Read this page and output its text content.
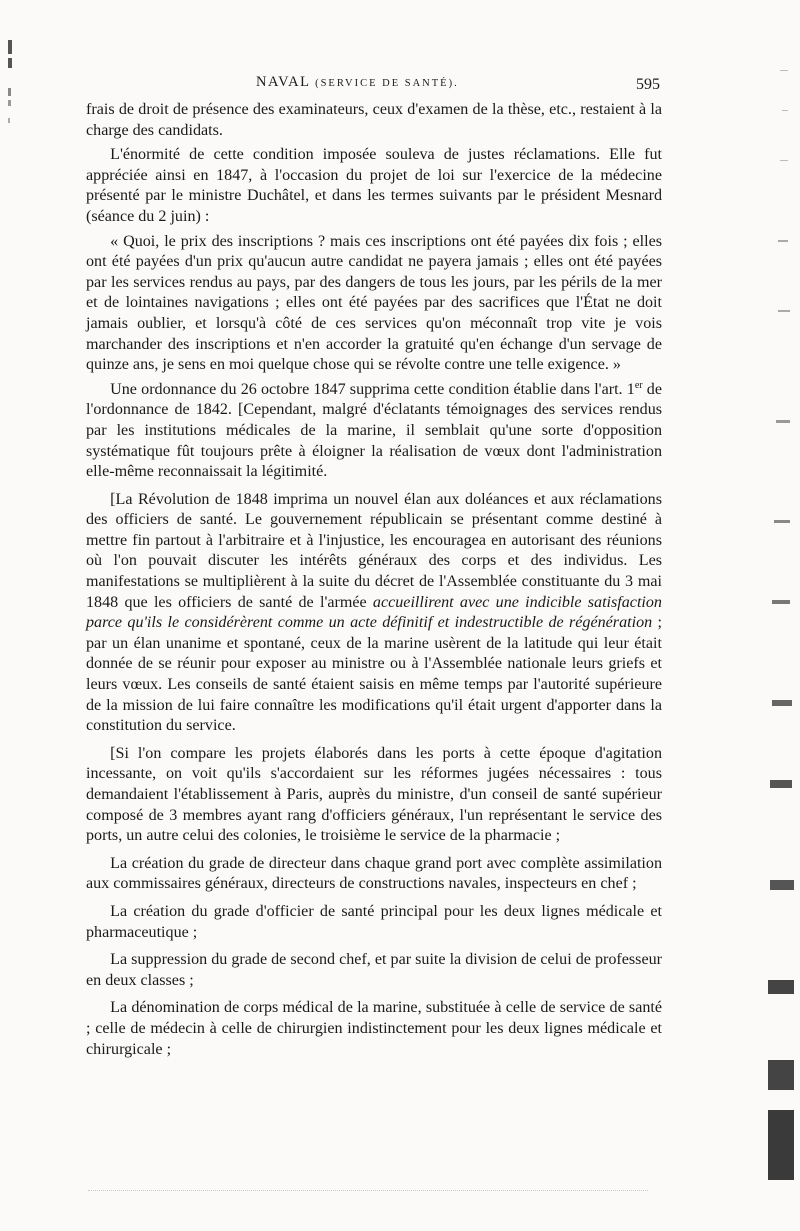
NAVAL (SERVICE DE SANTÉ).	595

frais de droit de présence des examinateurs, ceux d'examen de la thèse, etc., restaient à la charge des candidats.

L'énormité de cette condition imposée souleva de justes réclamations. Elle fut appréciée ainsi en 1847, à l'occasion du projet de loi sur l'exercice de la médecine présenté par le ministre Duchâtel, et dans les termes suivants par le président Mesnard (séance du 2 juin) :

« Quoi, le prix des inscriptions ? mais ces inscriptions ont été payées dix fois ; elles ont été payées d'un prix qu'aucun autre candidat ne payera jamais ; elles ont été payées par les services rendus au pays, par des dangers de tous les jours, par les périls de la mer et de lointaines navigations ; elles ont été payées par des sacrifices que l'État ne doit jamais oublier, et lorsqu'à côté de ces services qu'on méconnaît trop vite je vois marchander des inscriptions et n'en accorder la gratuité qu'en échange d'un servage de quinze ans, je sens en moi quelque chose qui se révolte contre une telle exigence. »

Une ordonnance du 26 octobre 1847 supprima cette condition établie dans l'art. 1er de l'ordonnance de 1842. [Cependant, malgré d'éclatants témoignages des services rendus par les institutions médicales de la marine, il semblait qu'une sorte d'opposition systématique fût toujours prête à éloigner la réalisation de vœux dont l'administration elle-même reconnaissait la légitimité.

[La Révolution de 1848 imprima un nouvel élan aux doléances et aux réclamations des officiers de santé. Le gouvernement républicain se présentant comme destiné à mettre fin partout à l'arbitraire et à l'injustice, les encouragea en autorisant des réunions où l'on pouvait discuter les intérêts généraux des corps et des individus. Les manifestations se multiplièrent à la suite du décret de l'Assemblée constituante du 3 mai 1848 que les officiers de santé de l'armée accueillirent avec une indicible satisfaction parce qu'ils le considérèrent comme un acte définitif et indestructible de régénération ; par un élan unanime et spontané, ceux de la marine usèrent de la latitude qui leur était donnée de se réunir pour exposer au ministre ou à l'Assemblée nationale leurs griefs et leurs vœux. Les conseils de santé étaient saisis en même temps par l'autorité supérieure de la mission de lui faire connaître les modifications qu'il était urgent d'apporter dans la constitution du service.

[Si l'on compare les projets élaborés dans les ports à cette époque d'agitation incessante, on voit qu'ils s'accordaient sur les réformes jugées nécessaires : tous demandaient l'établissement à Paris, auprès du ministre, d'un conseil de santé supérieur composé de 3 membres ayant rang d'officiers généraux, l'un représentant le service des ports, un autre celui des colonies, le troisième le service de la pharmacie ;

La création du grade de directeur dans chaque grand port avec complète assimilation aux commissaires généraux, directeurs de constructions navales, inspecteurs en chef ;

La création du grade d'officier de santé principal pour les deux lignes médicale et pharmaceutique ;

La suppression du grade de second chef, et par suite la division de celui de professeur en deux classes ;

La dénomination de corps médical de la marine, substituée à celle de service de santé ; celle de médecin à celle de chirurgien indistinctement pour les deux lignes médicale et chirurgicale ;
